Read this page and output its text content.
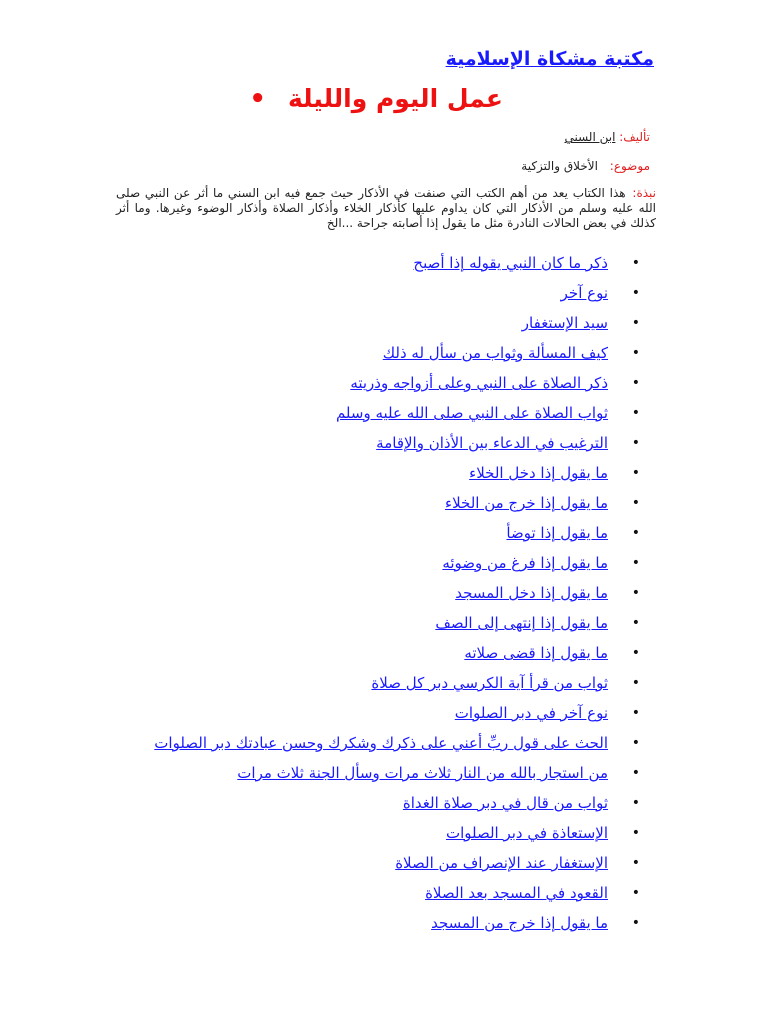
مكتبة مشكاة الإسلامية
عمل اليوم والليلة
•
تأليف: ابن السني
موضوع: الأخلاق والتزكية
نبذة: هذا الكتاب يعد من أهم الكتب التي صنفت في الأذكار حيث جمع فيه ابن السني ما أثر عن النبي صلى الله عليه وسلم من الأذكار التي كان يداوم عليها كأذكار الخلاء وأذكار الصلاة وأذكار الوضوء وغيرها. وما أثر كذلك في بعض الحالات النادرة مثل ما يقول إذا أصابته جراحة ...الخ
•
ذكر ما كان النبي يقوله إذا أصبح
•
نوع آخر
•
سيد الإستغفار
•
كيف المسألة وثواب من سأل له ذلك
•
ذكر الصلاة على النبي وعلى أزواجه وذريته
•
ثواب الصلاة على النبي صلى الله عليه وسلم
•
الترغيب في الدعاء بين الأذان والإقامة
•
ما يقول إذا دخل الخلاء
•
ما يقول إذا خرج من الخلاء
•
ما يقول إذا توضأ
•
ما يقول إذا فرغ من وضوئه
•
ما يقول إذا دخل المسجد
•
ما يقول إذا إنتهى إلى الصف
•
ما يقول إذا قضى صلاته
•
ثواب من قرأ آية الكرسي دبر كل صلاة
•
نوع آخر في دبر الصلوات
•
الحث على قول ربِّ أعني على ذكرك وشكرك وحسن عبادتك دبر الصلوات
•
من استجار بالله من النار ثلاث مرات وسأل الجنة ثلاث مرات
•
ثواب من قال في دبر صلاة الغداة
•
الإستعاذة في دبر الصلوات
•
الإستغفار عند الإنصراف من الصلاة
•
القعود في المسجد بعد الصلاة
•
ما يقول إذا خرج من المسجد
